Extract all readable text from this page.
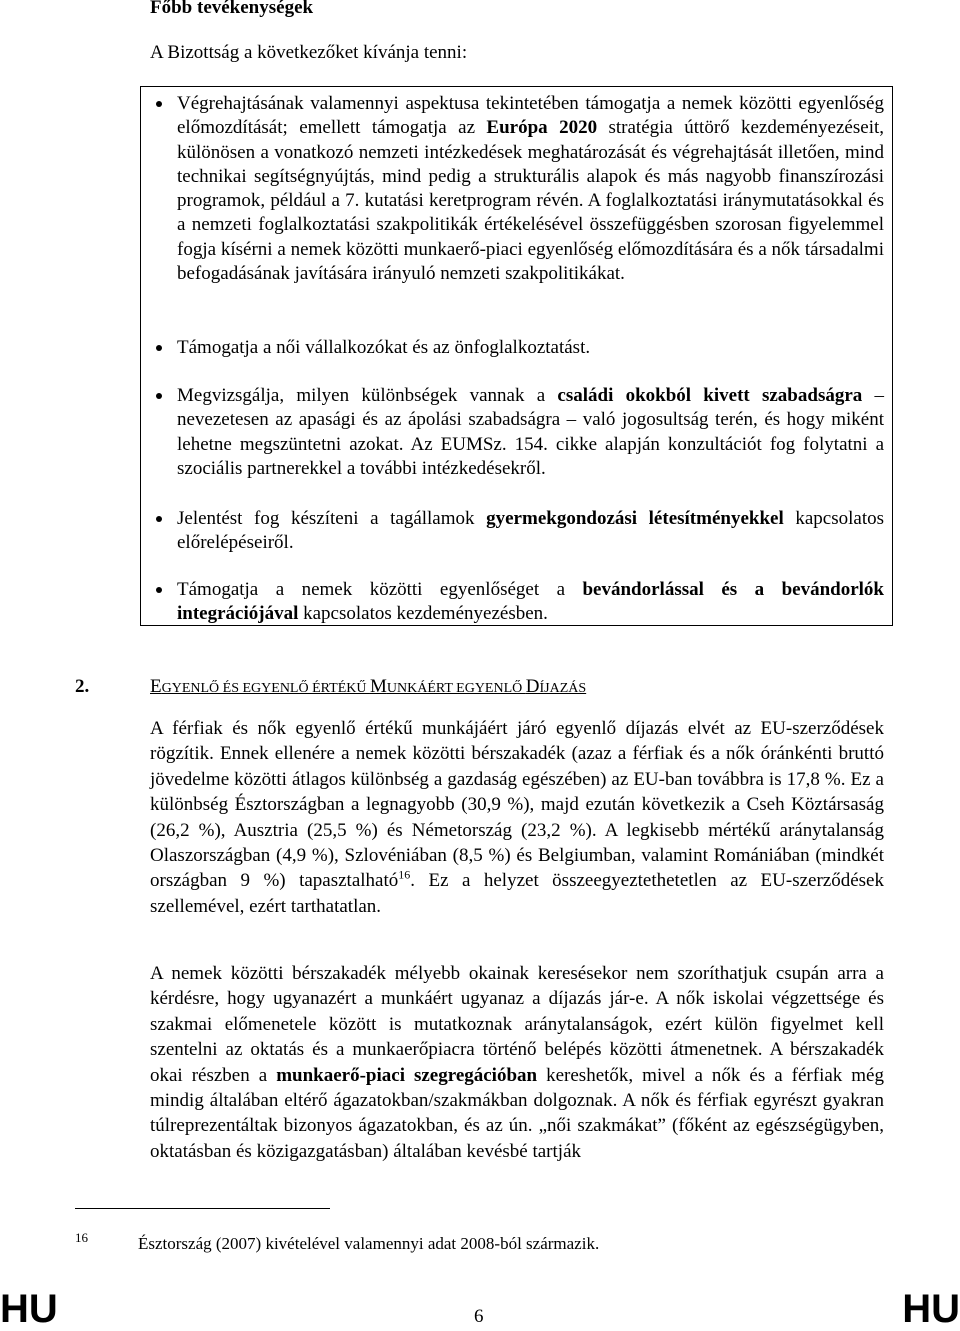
Főbb tevékenységek
A Bizottság a következőket kívánja tenni:

Végrehajtásának valamennyi aspektusa tekintetében támogatja a nemek közötti egyenlőség előmozdítását; emellett támogatja az Európa 2020 stratégia úttörő kezdeményezéseit, különösen a vonatkozó nemzeti intézkedések meghatározását és végrehajtását illetően, mind technikai segítségnyújtás, mind pedig a strukturális alapok és más nagyobb finanszírozási programok, például a 7. kutatási keretprogram révén. A foglalkoztatási iránymutatásokkal és a nemzeti foglalkoztatási szakpolitikák értékelésével összefüggésben szorosan figyelemmel fogja kísérni a nemek közötti munkaerő-piaci egyenlőség előmozdítására és a nők társadalmi befogadásának javítására irányuló nemzeti szakpolitikákat.

Támogatja a női vállalkozókat és az önfoglalkoztatást.

Megvizsgálja, milyen különbségek vannak a családi okokból kivett szabadságra – nevezetesen az apasági és az ápolási szabadságra – való jogosultság terén, és hogy miként lehetne megszüntetni azokat. Az EUMSz. 154. cikke alapján konzultációt fog folytatni a szociális partnerekkel a további intézkedésekről.

Jelentést fog készíteni a tagállamok gyermekgondozási létesítményekkel kapcsolatos előrelépéseiről.

Támogatja a nemek közötti egyenlőséget a bevándorlással és a bevándorlók integrációjával kapcsolatos kezdeményezésben.

2.	EGYENLŐ ÉS EGYENLŐ ÉRTÉKŰ MUNKÁÉRT EGYENLŐ DÍJAZÁS

A férfiak és nők egyenlő értékű munkájáért járó egyenlő díjazás elvét az EU-szerződések rögzítik. Ennek ellenére a nemek közötti bérszakadék (azaz a férfiak és a nők óránkénti bruttó jövedelme közötti átlagos különbség a gazdaság egészében) az EU-ban továbbra is 17,8 %. Ez a különbség Észtországban a legnagyobb (30,9 %), majd ezután következik a Cseh Köztársaság (26,2 %), Ausztria (25,5 %) és Németország (23,2 %). A legkisebb mértékű aránytalanság Olaszországban (4,9 %), Szlovéniában (8,5 %) és Belgiumban, valamint Romániában (mindkét országban 9 %) tapasztalható$^{16}$. Ez a helyzet összeegyeztethetetlen az EU-szerződések szellemével, ezért tarthatatlan.

A nemek közötti bérszakadék mélyebb okainak keresésekor nem szoríthatjuk csupán arra a kérdésre, hogy ugyanazért a munkáért ugyanaz a díjazás jár-e. A nők iskolai végzettsége és szakmai előmenetele között is mutatkoznak aránytalanságok, ezért külön figyelmet kell szentelni az oktatás és a munkaerőpiacra történő belépés közötti átmenetnek. A bérszakadék okai részben a munkaerő-piaci szegregációban kereshetők, mivel a nők és a férfiak még mindig általában eltérő ágazatokban/szakmákban dolgoznak. A nők és férfiak egyrészt gyakran túlreprezentáltak bizonyos ágazatokban, és az ún. „női szakmákat” (főként az egészségügyben, oktatásban és közigazgatásban) általában kevésbé tartják

16	Észtország (2007) kivételével valamennyi adat 2008-ból származik.
HU	6	HU
